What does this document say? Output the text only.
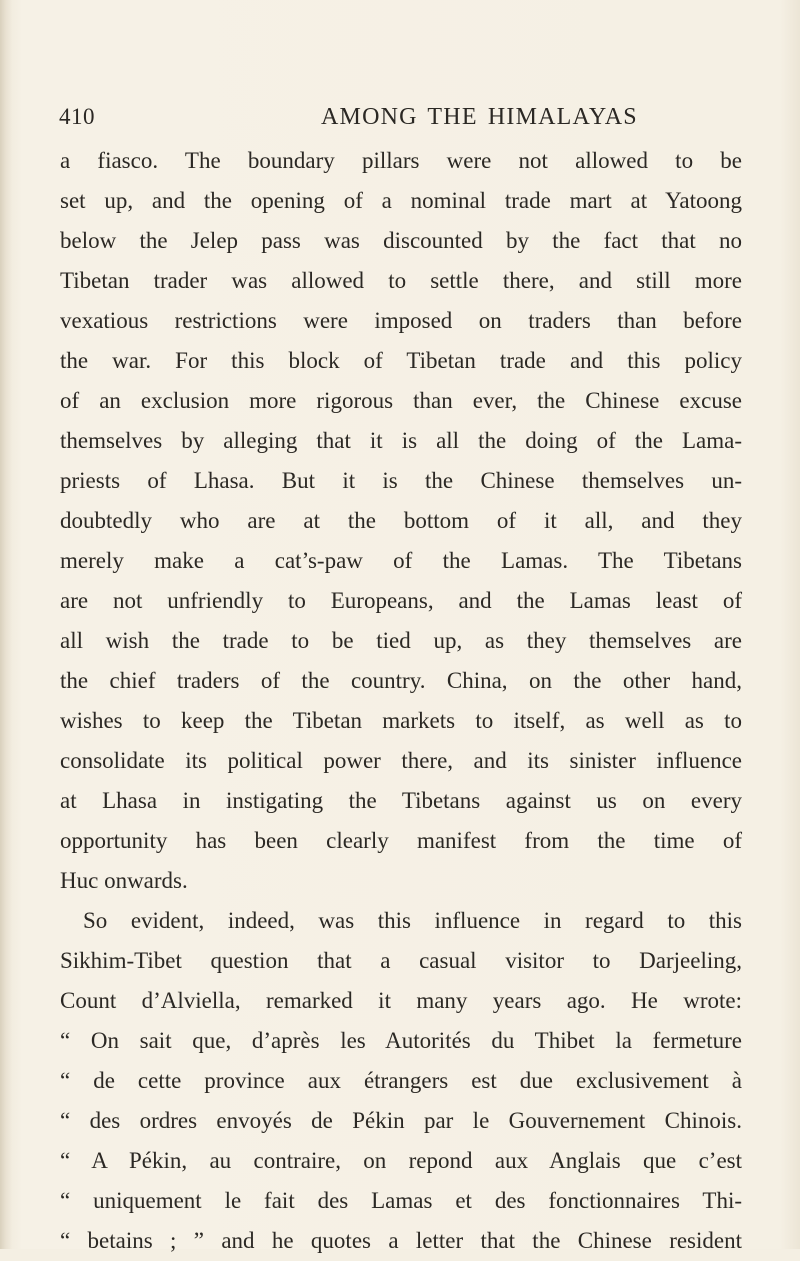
410	AMONG THE HIMALAYAS
a fiasco. The boundary pillars were not allowed to be
set up, and the opening of a nominal trade mart at Yatoong
below the Jelep pass was discounted by the fact that no
Tibetan trader was allowed to settle there, and still more
vexatious restrictions were imposed on traders than before
the war. For this block of Tibetan trade and this policy
of an exclusion more rigorous than ever, the Chinese excuse
themselves by alleging that it is all the doing of the Lama-
priests of Lhasa. But it is the Chinese themselves un-
doubtedly who are at the bottom of it all, and they
merely make a cat’s-paw of the Lamas. The Tibetans
are not unfriendly to Europeans, and the Lamas least of
all wish the trade to be tied up, as they themselves are
the chief traders of the country. China, on the other hand,
wishes to keep the Tibetan markets to itself, as well as to
consolidate its political power there, and its sinister influence
at Lhasa in instigating the Tibetans against us on every
opportunity has been clearly manifest from the time of
Huc onwards.
So evident, indeed, was this influence in regard to this
Sikhim-Tibet question that a casual visitor to Darjeeling,
Count d’Alviella, remarked it many years ago. He wrote:
“ On sait que, d’après les Autorités du Thibet la fermeture
“ de cette province aux étrangers est due exclusivement à
“ des ordres envoyés de Pékin par le Gouvernement Chinois.
“ A Pékin, au contraire, on repond aux Anglais que c’est
“ uniquement le fait des Lamas et des fonctionnaires Thi-
“ betains ; ” and he quotes a letter that the Chinese resident
